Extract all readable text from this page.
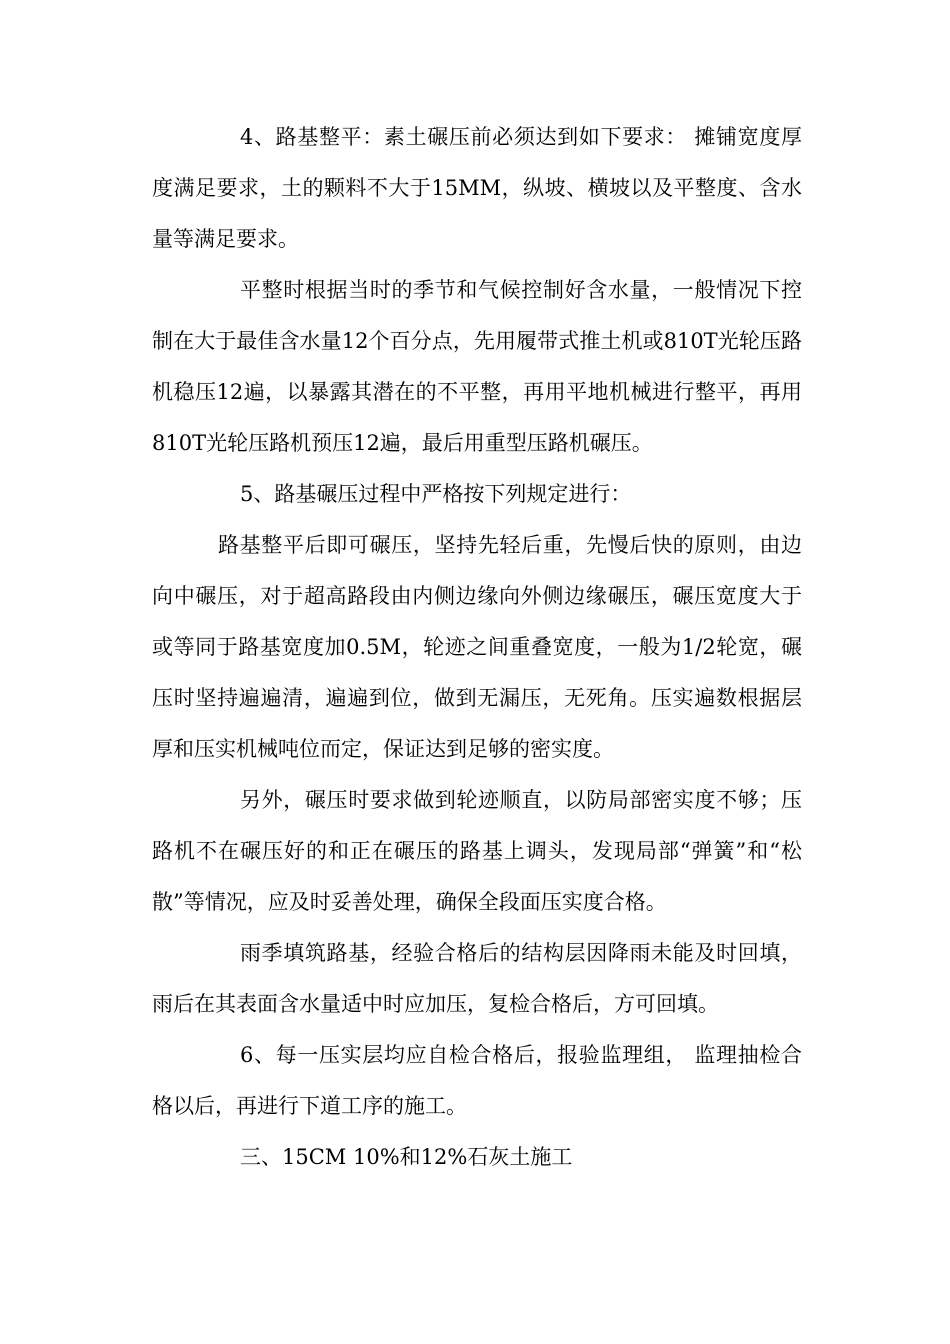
4、路基整平：素土碾压前必须达到如下要求： 摊铺宽度厚度满足要求，土的颗料不大于15MM，纵坡、横坡以及平整度、含水量等满足要求。

平整时根据当时的季节和气候控制好含水量，一般情况下控制在大于最佳含水量12个百分点，先用履带式推土机或810T光轮压路机稳压12遍，以暴露其潜在的不平整，再用平地机械进行整平，再用810T光轮压路机预压12遍，最后用重型压路机碾压。

5、路基碾压过程中严格按下列规定进行：

路基整平后即可碾压，坚持先轻后重，先慢后快的原则，由边向中碾压，对于超高路段由内侧边缘向外侧边缘碾压，碾压宽度大于或等同于路基宽度加0.5M，轮迹之间重叠宽度，一般为1/2轮宽，碾压时坚持遍遍清，遍遍到位，做到无漏压，无死角。压实遍数根据层厚和压实机械吨位而定，保证达到足够的密实度。

另外，碾压时要求做到轮迹顺直，以防局部密实度不够；压路机不在碾压好的和正在碾压的路基上调头，发现局部“弹簧”和“松散”等情况，应及时妥善处理，确保全段面压实度合格。

雨季填筑路基，经验合格后的结构层因降雨未能及时回填，雨后在其表面含水量适中时应加压，复检合格后，方可回填。

6、每一压实层均应自检合格后，报验监理组， 监理抽检合格以后，再进行下道工序的施工。

三、15CM 10%和12%石灰土施工
